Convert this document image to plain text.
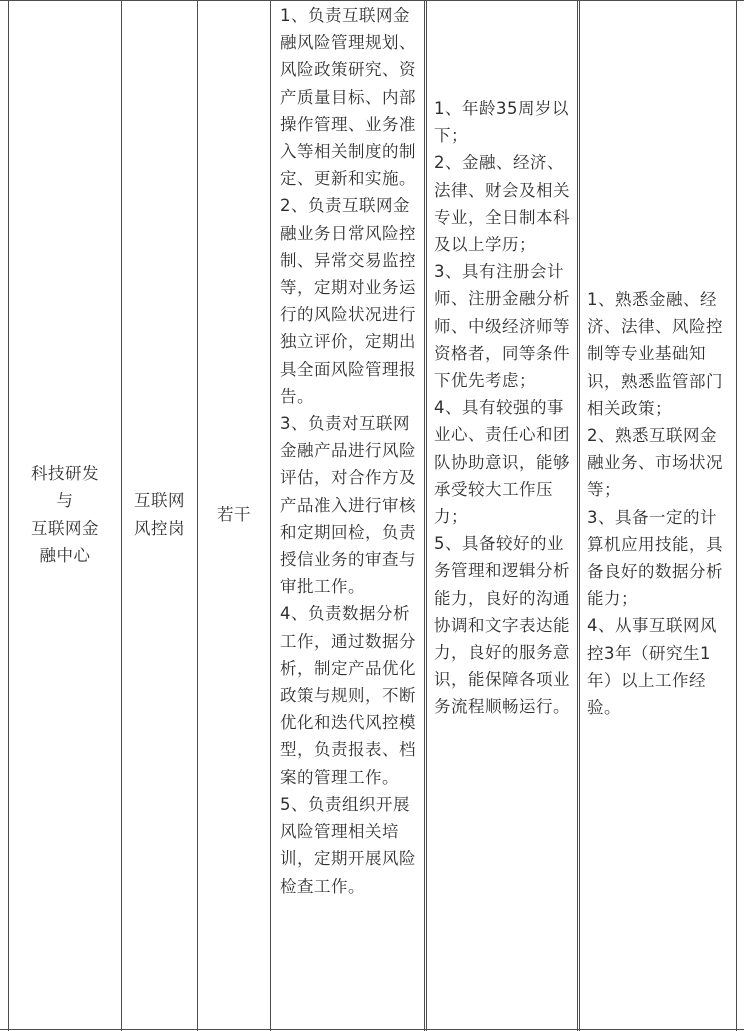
科技研发
与
互联网金
融中心
互联网
风控岗
若干

1、负责互联网金融风险管理规划、风险政策研究、资产质量目标、内部操作管理、业务准入等相关制度的制定、更新和实施。

2、负责互联网金融业务日常风险控制、异常交易监控等，定期对业务运行的风险状况进行独立评价，定期出具全面风险管理报告。

3、负责对互联网金融产品进行风险评估，对合作方及产品准入进行审核和定期回检，负责授信业务的审查与审批工作。

4、负责数据分析工作，通过数据分析，制定产品优化政策与规则，不断优化和迭代风控模型，负责报表、档案的管理工作。

5、负责组织开展风险管理相关培训，定期开展风险检查工作。

1、年龄35周岁以下；

2、金融、经济、法律、财会及相关专业，全日制本科及以上学历；

3、具有注册会计师、注册金融分析师、中级经济师等资格者，同等条件下优先考虑；

4、具有较强的事业心、责任心和团队协助意识，能够承受较大工作压力；

5、具备较好的业务管理和逻辑分析能力，良好的沟通协调和文字表达能力，良好的服务意识，能保障各项业务流程顺畅运行。

1、熟悉金融、经济、法律、风险控制等专业基础知识，熟悉监管部门相关政策；

2、熟悉互联网金融业务、市场状况等；

3、具备一定的计算机应用技能，具备良好的数据分析能力；

4、从事互联网风控3年（研究生1年）以上工作经验。
